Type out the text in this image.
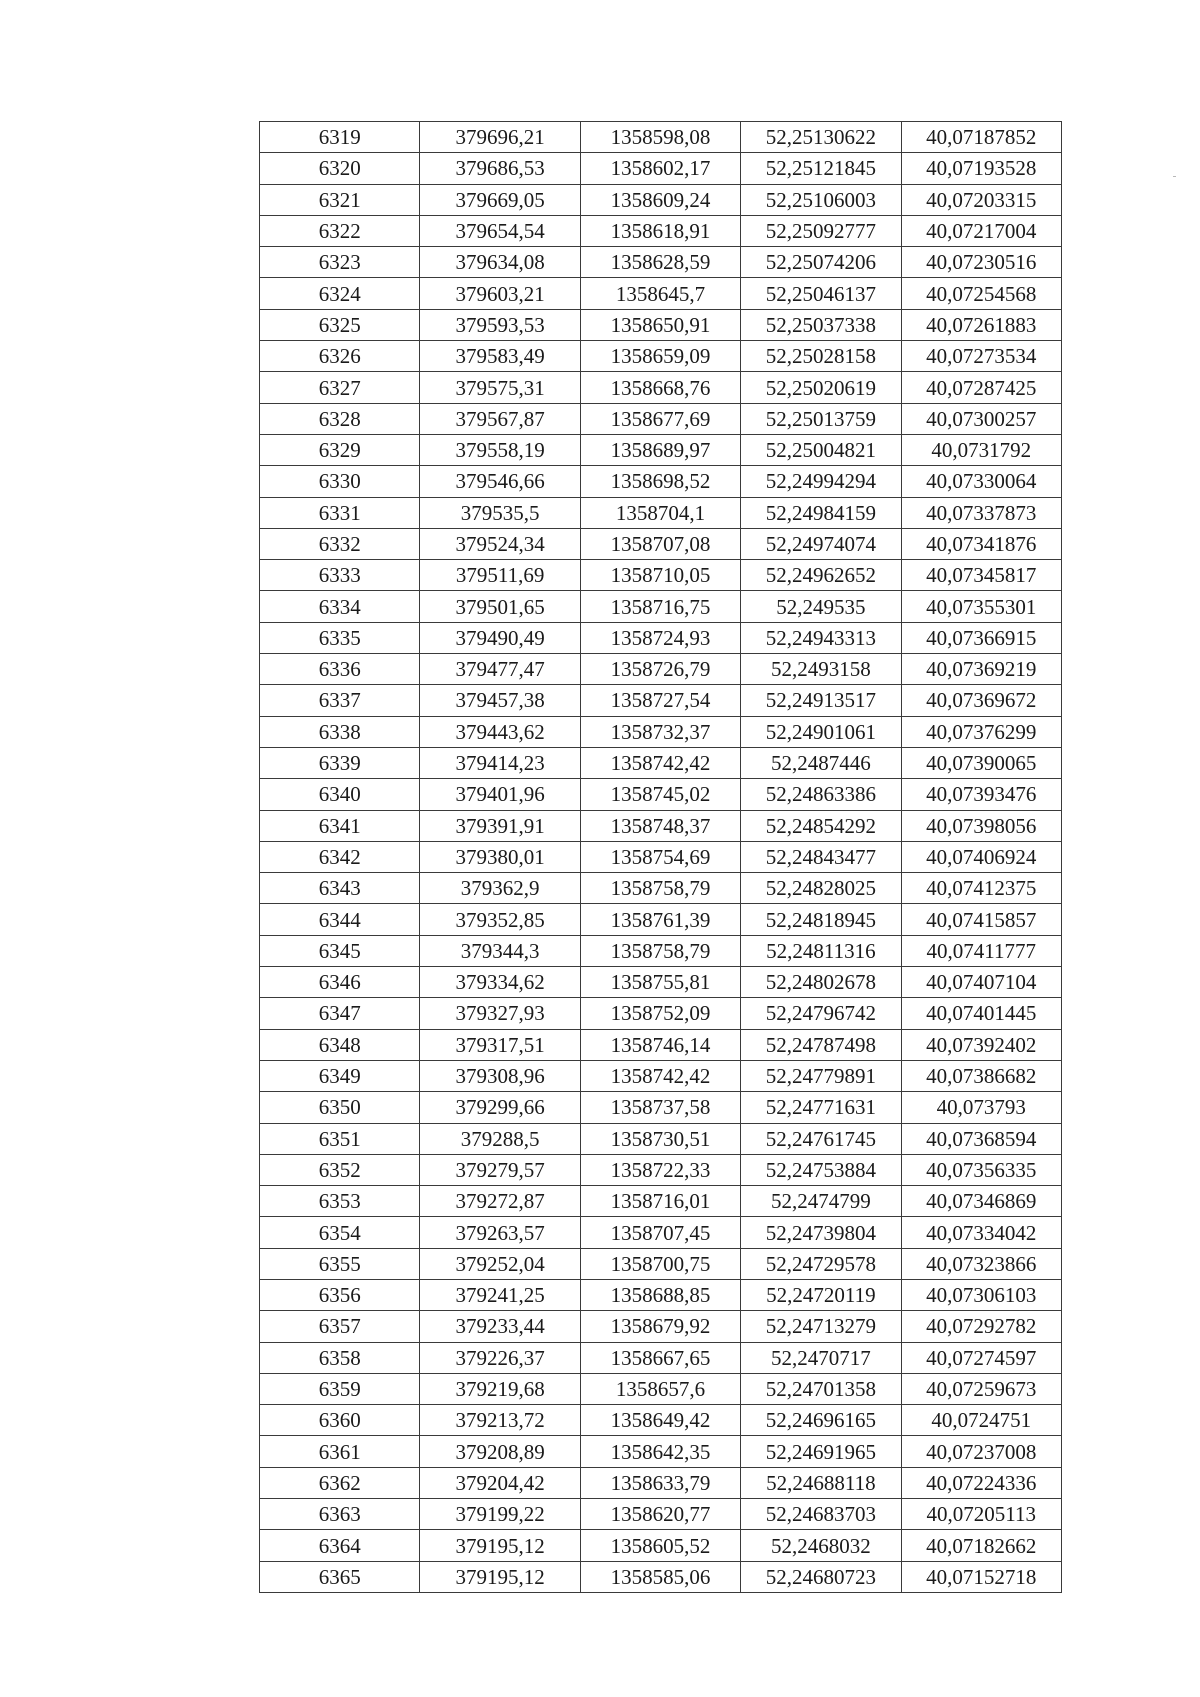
6319	379696,21	1358598,08	52,25130622	40,07187852
6320	379686,53	1358602,17	52,25121845	40,07193528
6321	379669,05	1358609,24	52,25106003	40,07203315
6322	379654,54	1358618,91	52,25092777	40,07217004
6323	379634,08	1358628,59	52,25074206	40,07230516
6324	379603,21	1358645,7	52,25046137	40,07254568
6325	379593,53	1358650,91	52,25037338	40,07261883
6326	379583,49	1358659,09	52,25028158	40,07273534
6327	379575,31	1358668,76	52,25020619	40,07287425
6328	379567,87	1358677,69	52,25013759	40,07300257
6329	379558,19	1358689,97	52,25004821	40,0731792
6330	379546,66	1358698,52	52,24994294	40,07330064
6331	379535,5	1358704,1	52,24984159	40,07337873
6332	379524,34	1358707,08	52,24974074	40,07341876
6333	379511,69	1358710,05	52,24962652	40,07345817
6334	379501,65	1358716,75	52,249535	40,07355301
6335	379490,49	1358724,93	52,24943313	40,07366915
6336	379477,47	1358726,79	52,2493158	40,07369219
6337	379457,38	1358727,54	52,24913517	40,07369672
6338	379443,62	1358732,37	52,24901061	40,07376299
6339	379414,23	1358742,42	52,2487446	40,07390065
6340	379401,96	1358745,02	52,24863386	40,07393476
6341	379391,91	1358748,37	52,24854292	40,07398056
6342	379380,01	1358754,69	52,24843477	40,07406924
6343	379362,9	1358758,79	52,24828025	40,07412375
6344	379352,85	1358761,39	52,24818945	40,07415857
6345	379344,3	1358758,79	52,24811316	40,07411777
6346	379334,62	1358755,81	52,24802678	40,07407104
6347	379327,93	1358752,09	52,24796742	40,07401445
6348	379317,51	1358746,14	52,24787498	40,07392402
6349	379308,96	1358742,42	52,24779891	40,07386682
6350	379299,66	1358737,58	52,24771631	40,073793
6351	379288,5	1358730,51	52,24761745	40,07368594
6352	379279,57	1358722,33	52,24753884	40,07356335
6353	379272,87	1358716,01	52,2474799	40,07346869
6354	379263,57	1358707,45	52,24739804	40,07334042
6355	379252,04	1358700,75	52,24729578	40,07323866
6356	379241,25	1358688,85	52,24720119	40,07306103
6357	379233,44	1358679,92	52,24713279	40,07292782
6358	379226,37	1358667,65	52,2470717	40,07274597
6359	379219,68	1358657,6	52,24701358	40,07259673
6360	379213,72	1358649,42	52,24696165	40,0724751
6361	379208,89	1358642,35	52,24691965	40,07237008
6362	379204,42	1358633,79	52,24688118	40,07224336
6363	379199,22	1358620,77	52,24683703	40,07205113
6364	379195,12	1358605,52	52,2468032	40,07182662
6365	379195,12	1358585,06	52,24680723	40,07152718
